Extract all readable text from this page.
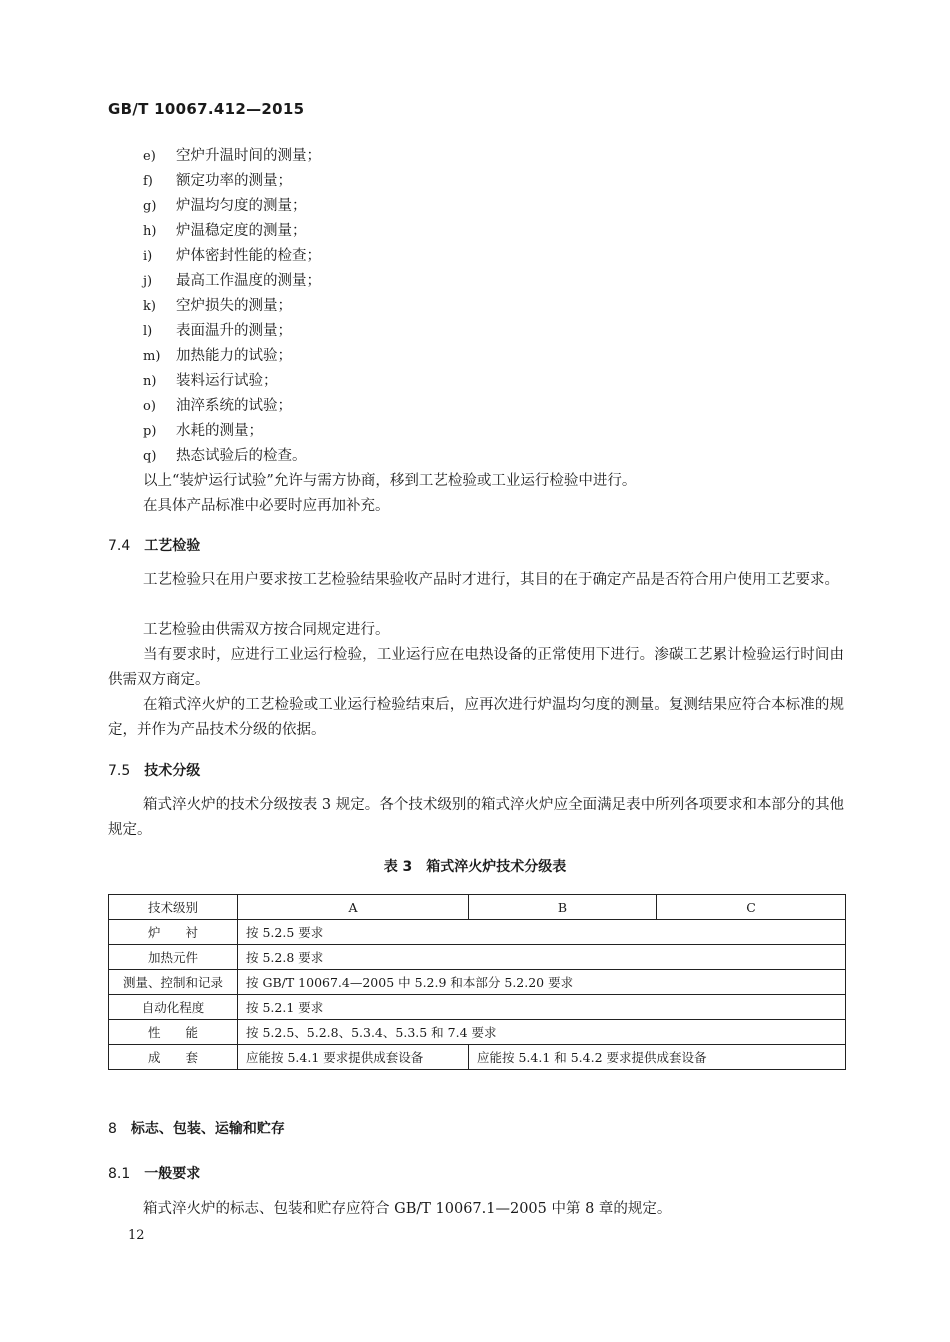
GB/T 10067.412—2015
e) 空炉升温时间的测量；
f) 额定功率的测量；
g) 炉温均匀度的测量；
h) 炉温稳定度的测量；
i) 炉体密封性能的检查；
j) 最高工作温度的测量；
k) 空炉损失的测量；
l) 表面温升的测量；
m) 加热能力的试验；
n) 装料运行试验；
o) 油淬系统的试验；
p) 水耗的测量；
q) 热态试验后的检查。
以上“装炉运行试验”允许与需方协商，移到工艺检验或工业运行检验中进行。
在具体产品标准中必要时应再加补充。
7.4 工艺检验

工艺检验只在用户要求按工艺检验结果验收产品时才进行，其目的在于确定产品是否符合用户使用工艺要求。

工艺检验由供需双方按合同规定进行。

当有要求时，应进行工业运行检验，工业运行应在电热设备的正常使用下进行。渗碳工艺累计检验运行时间由供需双方商定。

在箱式淬火炉的工艺检验或工业运行检验结束后，应再次进行炉温均匀度的测量。复测结果应符合本标准的规定，并作为产品技术分级的依据。

7.5 技术分级

箱式淬火炉的技术分级按表 3 规定。各个技术级别的箱式淬火炉应全面满足表中所列各项要求和本部分的其他规定。

表 3　箱式淬火炉技术分级表
技术级别	A	B	C
炉　　衬	按 5.2.5 要求		
加热元件	按 5.2.8 要求		
测量、控制和记录	按 GB/T 10067.4—2005 中 5.2.9 和本部分 5.2.20 要求		
自动化程度	按 5.2.1 要求		
性　　能	按 5.2.5、5.2.8、5.3.4、5.3.5 和 7.4 要求		
成　　套	应能按 5.4.1 要求提供成套设备	应能按 5.4.1 和 5.4.2 要求提供成套设备	
8 标志、包装、运输和贮存
8.1 一般要求

箱式淬火炉的标志、包装和贮存应符合 GB/T 10067.1—2005 中第 8 章的规定。

12
